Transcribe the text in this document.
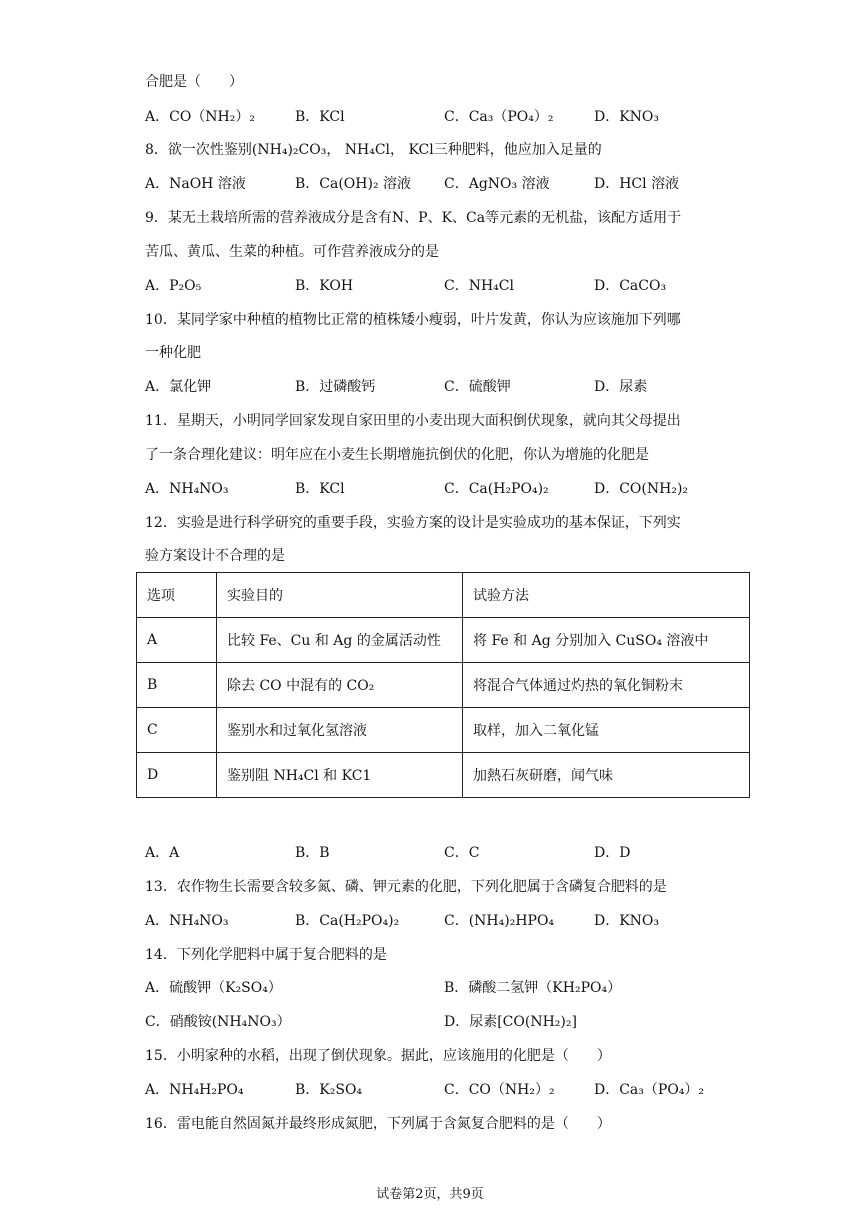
合肥是（　　）
A．CO（NH₂）₂	B．KCl	C．Ca₃（PO₄）₂	D．KNO₃
8．欲一次性鉴别(NH₄)₂CO₃， NH₄Cl， KCl三种肥料，他应加入足量的
A．NaOH 溶液	B．Ca(OH)₂ 溶液 C．AgNO₃ 溶液	D．HCl 溶液
9．某无土栽培所需的营养液成分是含有N、P、K、Ca等元素的无机盐，该配方适用于
苦瓜、黄瓜、生菜的种植。可作营养液成分的是
A．P₂O₅	B．KOH	C．NH₄Cl	D．CaCO₃
10．某同学家中种植的植物比正常的植株矮小瘦弱，叶片发黄，你认为应该施加下列哪
一种化肥
A．氯化钾	B．过磷酸钙	C．硫酸钾	D．尿素
11．星期天，小明同学回家发现自家田里的小麦出现大面积倒伏现象，就向其父母提出
了一条合理化建议：明年应在小麦生长期增施抗倒伏的化肥，你认为增施的化肥是
A．NH₄NO₃	B．KCl	C．Ca(H₂PO₄)₂	D．CO(NH₂)₂
12．实验是进行科学研究的重要手段，实验方案的设计是实验成功的基本保证，下列实
验方案设计不合理的是
选项	实验目的	试验方法
A	比较 Fe、Cu 和 Ag 的金属活动性	将 Fe 和 Ag 分别加入 CuSO₄ 溶液中
B	除去 CO 中混有的 CO₂	将混合气体通过灼热的氧化铜粉末
C	鉴别水和过氧化氢溶液	取样，加入二氧化锰
D	鉴别阻 NH₄Cl 和 KC1	加熱石灰研磨，闻气味
A．A	B．B	C．C	D．D
13．农作物生长需要含较多氮、磷、钾元素的化肥，下列化肥属于含磷复合肥料的是
A．NH₄NO₃	B．Ca(H₂PO₄)₂	C．(NH₄)₂HPO₄	D．KNO₃
14．下列化学肥料中属于复合肥料的是
A．硫酸钾（K₂SO₄）	B．磷酸二氢钾（KH₂PO₄）
C．硝酸铵(NH₄NO₃）	D．尿素[CO(NH₂)₂]
15．小明家种的水稻，出现了倒伏现象。据此，应该施用的化肥是（　　）
A．NH₄H₂PO₄	B．K₂SO₄	C．CO（NH₂）₂	D．Ca₃（PO₄）₂
16．雷电能自然固氮并最终形成氮肥，下列属于含氮复合肥料的是（　　）
试卷第2页，共9页
